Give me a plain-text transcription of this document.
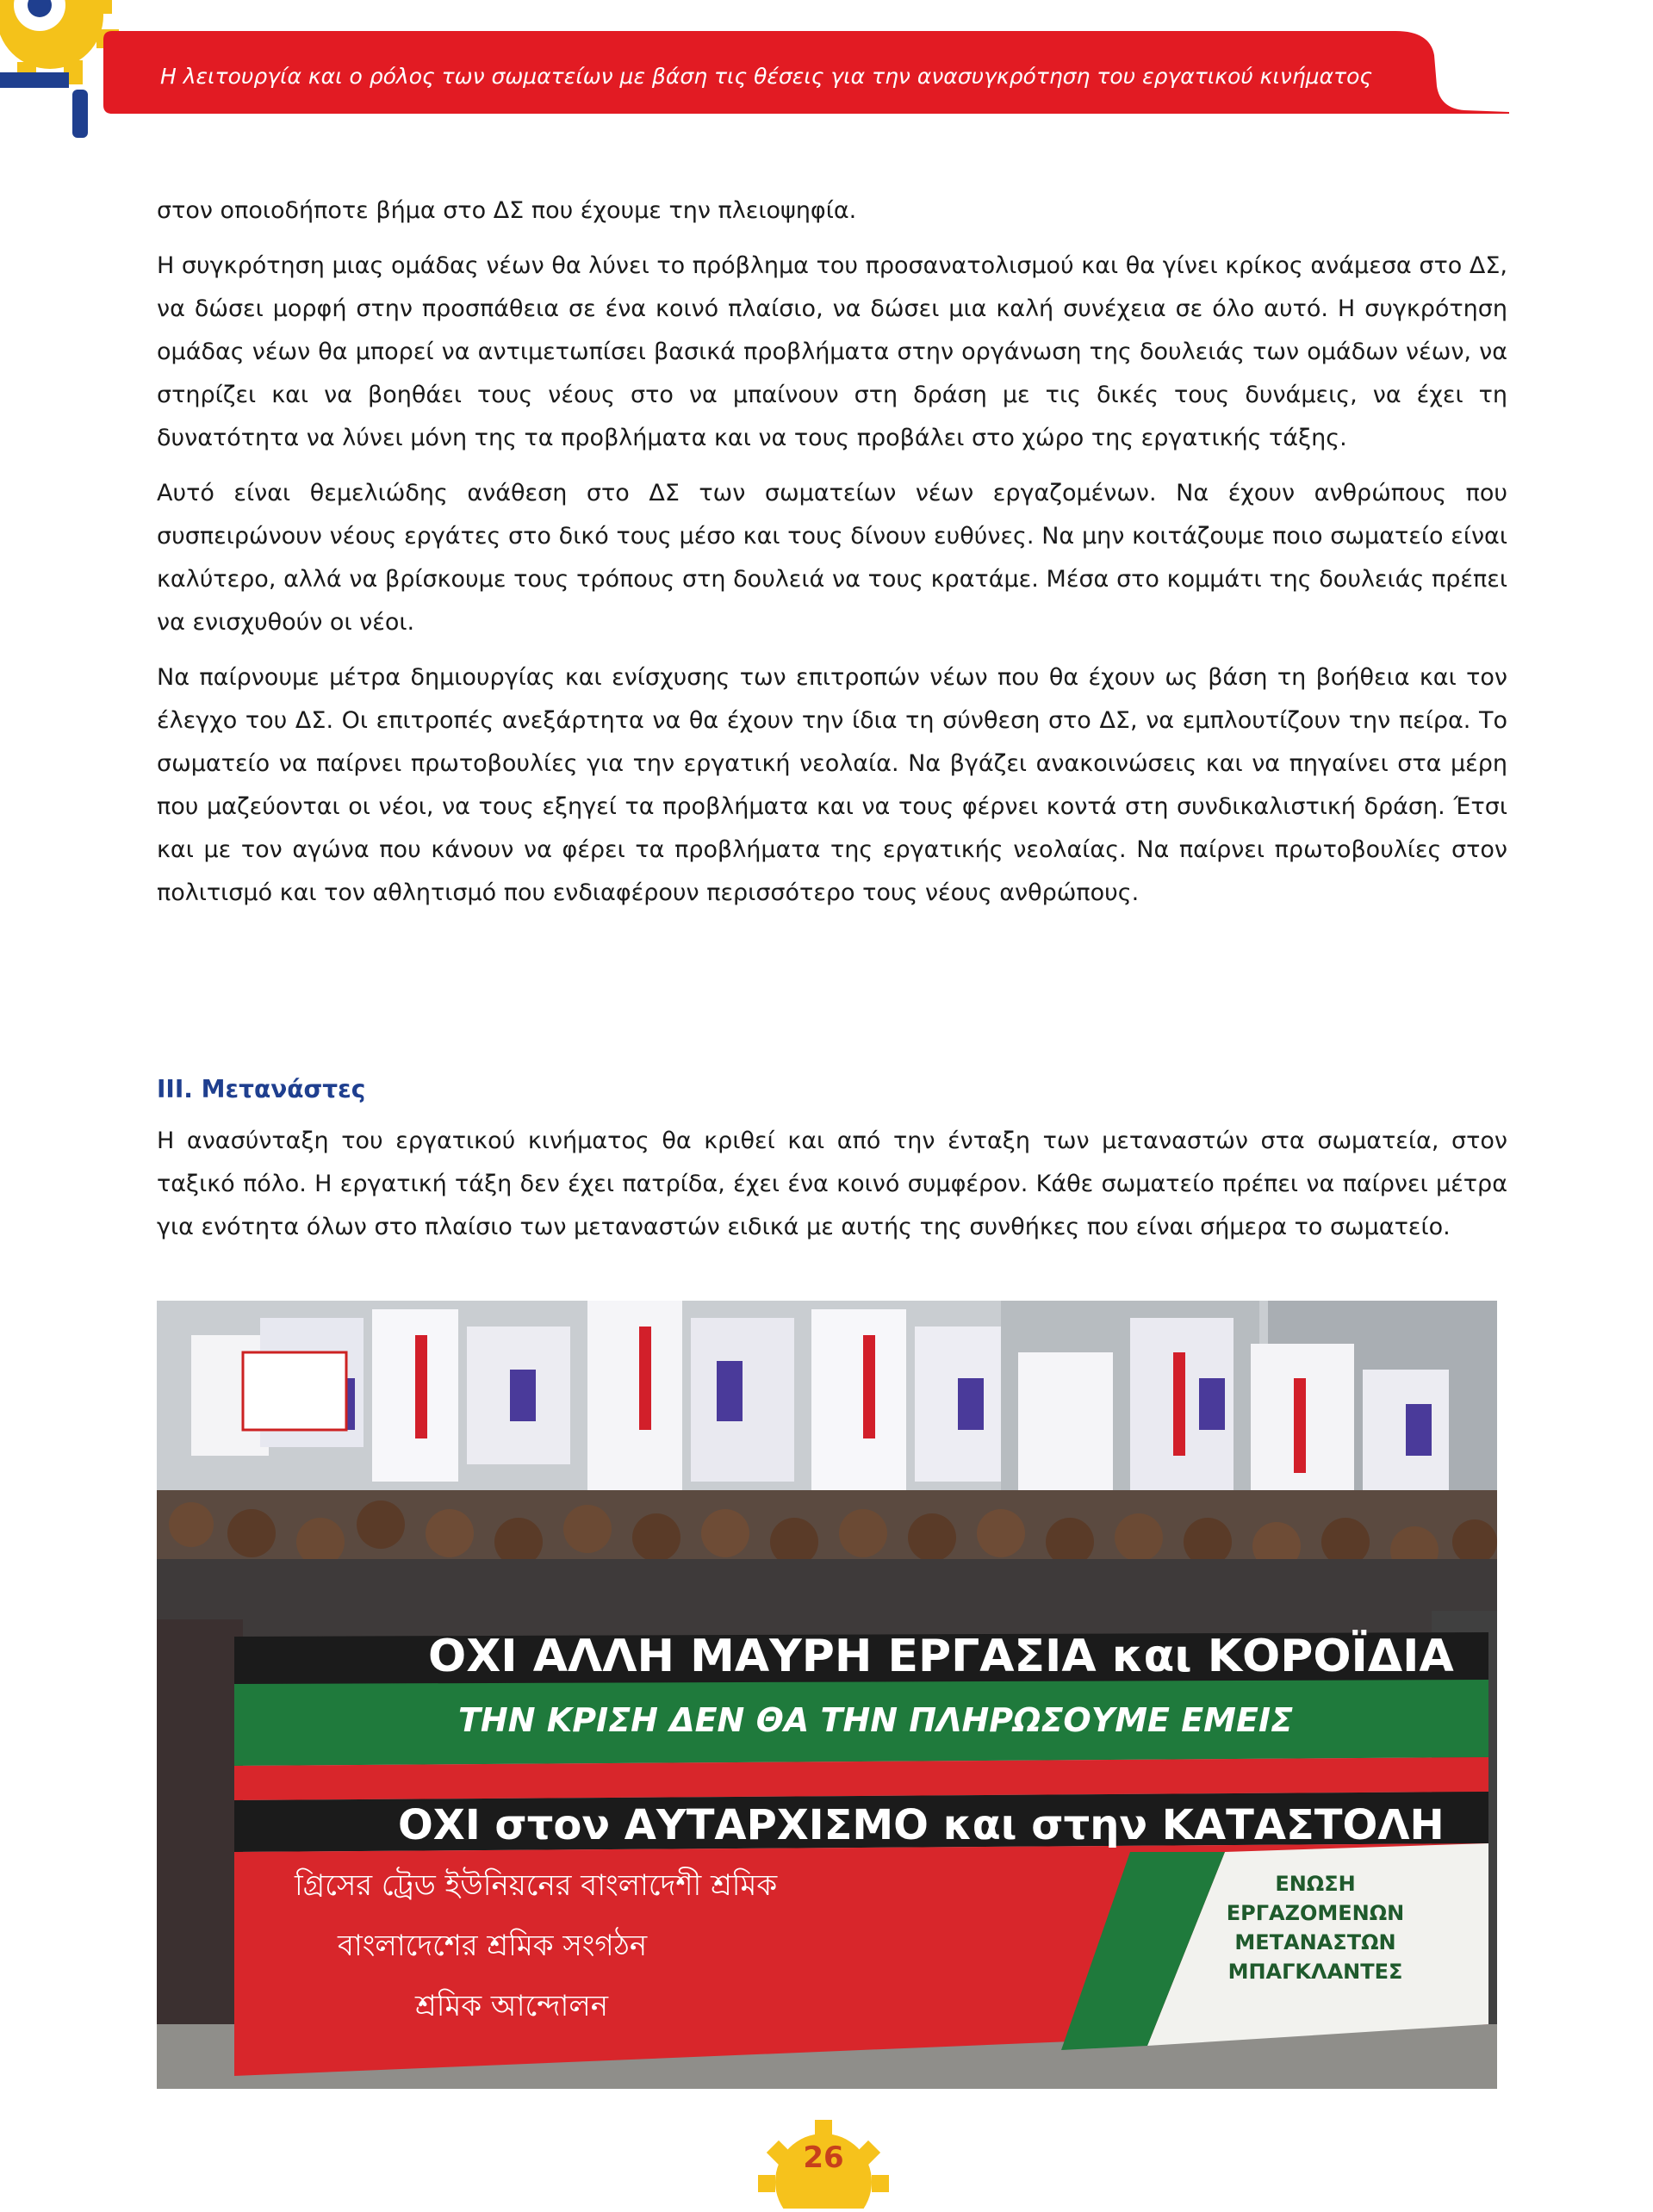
Η λειτουργία και ο ρόλος των σωματείων με βάση τις θέσεις για την ανασυγκρότηση του εργατικού κινήματος

στον οποιοδήποτε βήμα στο ΔΣ που έχουμε την πλειοψηφία.

Η συγκρότηση μιας ομάδας νέων θα λύνει το πρόβλημα του προσανατολισμού και θα γίνει κρίκος ανάμεσα στο ΔΣ, να δώσει μορφή στην προσπάθεια σε ένα κοινό πλαίσιο, να δώσει μια καλή συνέχεια σε όλο αυτό. Η συγκρότηση ομάδας νέων θα μπορεί να αντιμετωπίσει βασικά προβλήματα στην οργάνωση της δουλειάς των ομάδων νέων, να στηρίζει και να βοηθάει τους νέους στο να μπαίνουν στη δράση με τις δικές τους δυνάμεις, να έχει τη δυνατότητα να λύνει μόνη της τα προβλήματα και να τους προβάλει στο χώρο της εργατικής τάξης.

Αυτό είναι θεμελιώδης ανάθεση στο ΔΣ των σωματείων νέων εργαζομένων. Να έχουν ανθρώπους που συσπειρώνουν νέους εργάτες στο δικό τους μέσο και τους δίνουν ευθύνες. Να μην κοιτάζουμε ποιο σωματείο είναι καλύτερο, αλλά να βρίσκουμε τους τρόπους στη δουλειά να τους κρατάμε. Μέσα στο κομμάτι της δουλειάς πρέπει να ενισχυθούν οι νέοι.

Να παίρνουμε μέτρα δημιουργίας και ενίσχυσης των επιτροπών νέων που θα έχουν ως βάση τη βοήθεια και τον έλεγχο του ΔΣ. Οι επιτροπές ανεξάρτητα να θα έχουν την ίδια τη σύνθεση στο ΔΣ, να εμπλουτίζουν την πείρα. Το σωματείο να παίρνει πρωτοβουλίες για την εργατική νεολαία. Να βγάζει ανακοινώσεις και να πηγαίνει στα μέρη που μαζεύονται οι νέοι, να τους εξηγεί τα προβλήματα και να τους φέρνει κοντά στη συνδικαλιστική δράση. Έτσι και με τον αγώνα που κάνουν να φέρει τα προβλήματα της εργατικής νεολαίας. Να παίρνει πρωτοβουλίες στον πολιτισμό και τον αθλητισμό που ενδιαφέρουν περισσότερο τους νέους ανθρώπους.

ΙΙΙ. Μετανάστες

Η ανασύνταξη του εργατικού κινήματος θα κριθεί και από την ένταξη των μεταναστών στα σωματεία, στον ταξικό πόλο. Η εργατική τάξη δεν έχει πατρίδα, έχει ένα κοινό συμφέρον. Κάθε σωματείο πρέπει να παίρνει μέτρα για ενότητα όλων στο πλαίσιο των μεταναστών ειδικά με αυτής της συνθήκες που είναι σήμερα το σωματείο.

ΟΧΙ ΑΛΛΗ ΜΑΥΡΗ ΕΡΓΑΣΙΑ και ΚΟΡΟΪΔΙΑ
ΤΗΝ ΚΡΙΣΗ ΔΕΝ ΘΑ ΤΗΝ ΠΛΗΡΩΣΟΥΜΕ ΕΜΕΙΣ
ΟΧΙ στον ΑΥΤΑΡΧΙΣΜΟ και στην ΚΑΤΑΣΤΟΛΗ
গ্রিসের ট্রেড ইউনিয়নের বাংলাদেশী শ্রমিক
বাংলাদেশের শ্রমিক সংগঠন
শ্রমিক আন্দোলন
ΕΝΩΣΗ ΕΡΓΑΖΟΜΕΝΩΝ ΜΕΤΑΝΑΣΤΩΝ ΜΠΑΓΚΛΑΝΤΕΣ
26
